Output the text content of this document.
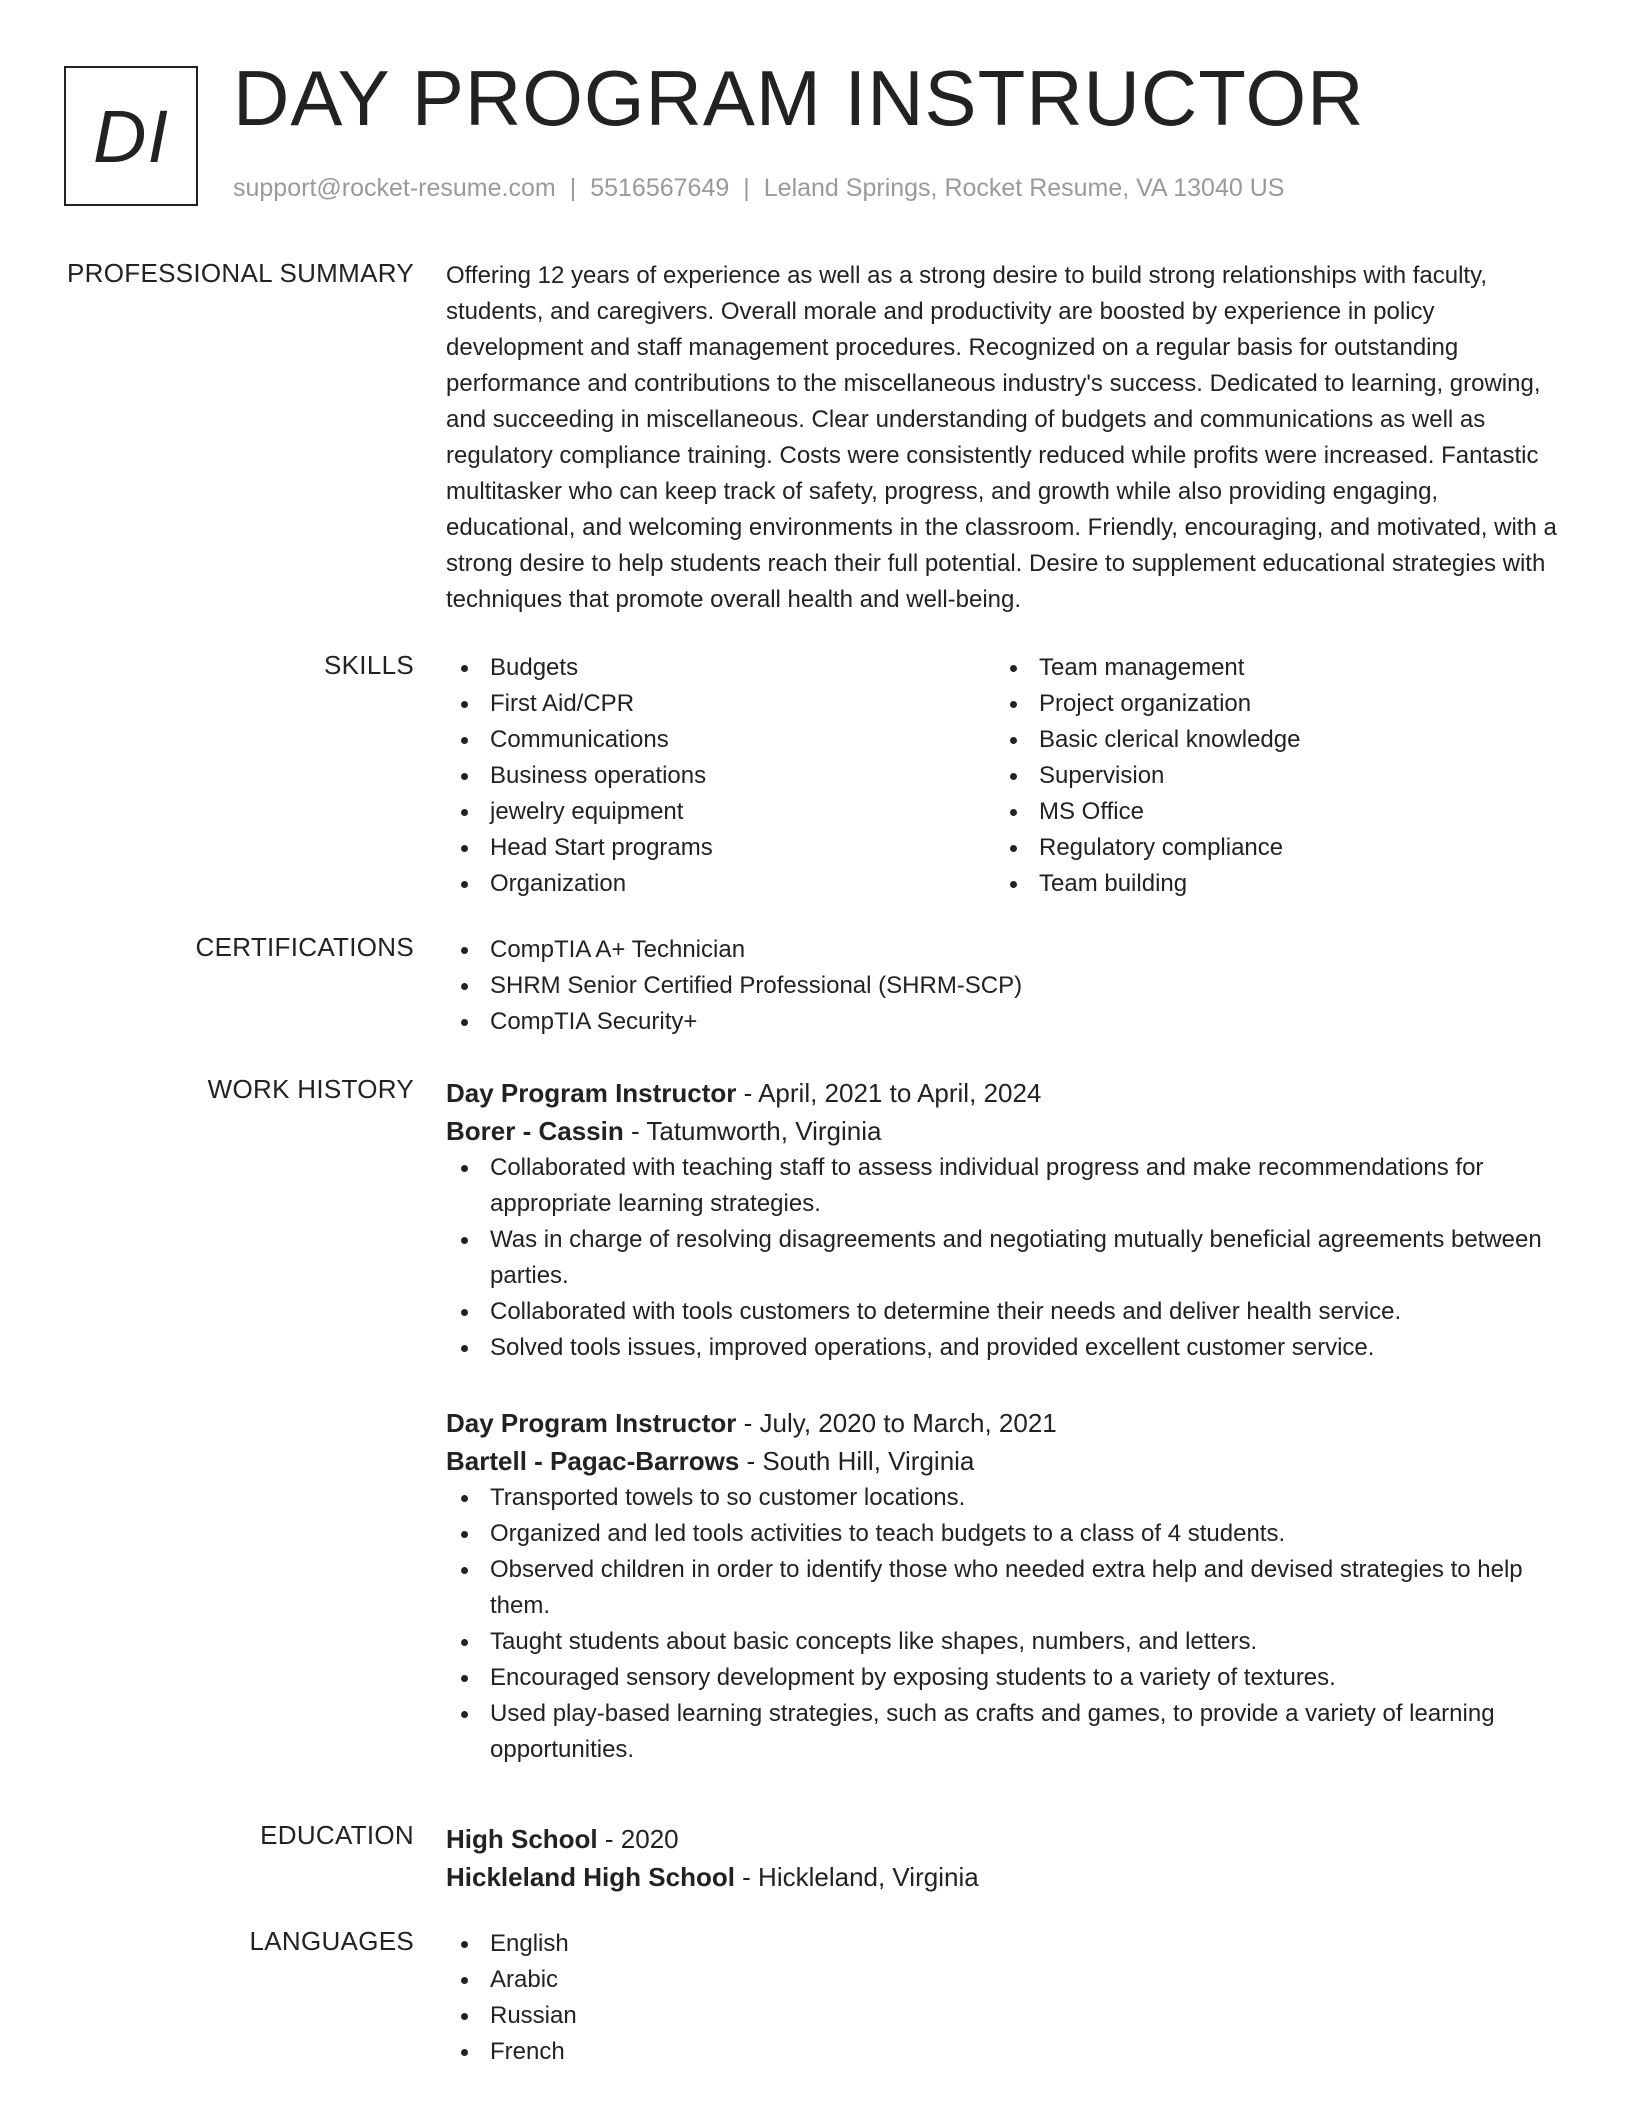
DI DAY PROGRAM INSTRUCTOR
support@rocket-resume.com | 5516567649 | Leland Springs, Rocket Resume, VA 13040 US
PROFESSIONAL SUMMARY Offering 12 years of experience as well as a strong desire to build strong relationships with faculty, students, and caregivers. Overall morale and productivity are boosted by experience in policy development and staff management procedures. Recognized on a regular basis for outstanding performance and contributions to the miscellaneous industry's success. Dedicated to learning, growing, and succeeding in miscellaneous. Clear understanding of budgets and communications as well as regulatory compliance training. Costs were consistently reduced while profits were increased. Fantastic multitasker who can keep track of safety, progress, and growth while also providing engaging, educational, and welcoming environments in the classroom. Friendly, encouraging, and motivated, with a strong desire to help students reach their full potential. Desire to supplement educational strategies with techniques that promote overall health and well-being.

SKILLS	Budgets
First Aid/CPR
Communications
Business operations
jewelry equipment
Head Start programs
Organization
Team management
Project organization
Basic clerical knowledge
Supervision
MS Office
Regulatory compliance
Team building
CERTIFICATIONS	CompTIA A+ Technician
SHRM Senior Certified Professional (SHRM-SCP)
CompTIA Security+
WORK HISTORY Day Program Instructor - April, 2021 to April, 2024
Borer - Cassin - Tatumworth, Virginia
Collaborated with teaching staff to assess individual progress and make recommendations for appropriate learning strategies.
Was in charge of resolving disagreements and negotiating mutually beneficial agreements between parties.
Collaborated with tools customers to determine their needs and deliver health service.
Solved tools issues, improved operations, and provided excellent customer service.
Day Program Instructor - July, 2020 to March, 2021
Bartell - Pagac-Barrows - South Hill, Virginia
Transported towels to so customer locations.
Organized and led tools activities to teach budgets to a class of 4 students.
Observed children in order to identify those who needed extra help and devised strategies to help them.
Taught students about basic concepts like shapes, numbers, and letters.
Encouraged sensory development by exposing students to a variety of textures.
Used play-based learning strategies, such as crafts and games, to provide a variety of learning opportunities.
EDUCATION High School - 2020
Hickleland High School - Hickleland, Virginia
LANGUAGES	English
Arabic
Russian
French
